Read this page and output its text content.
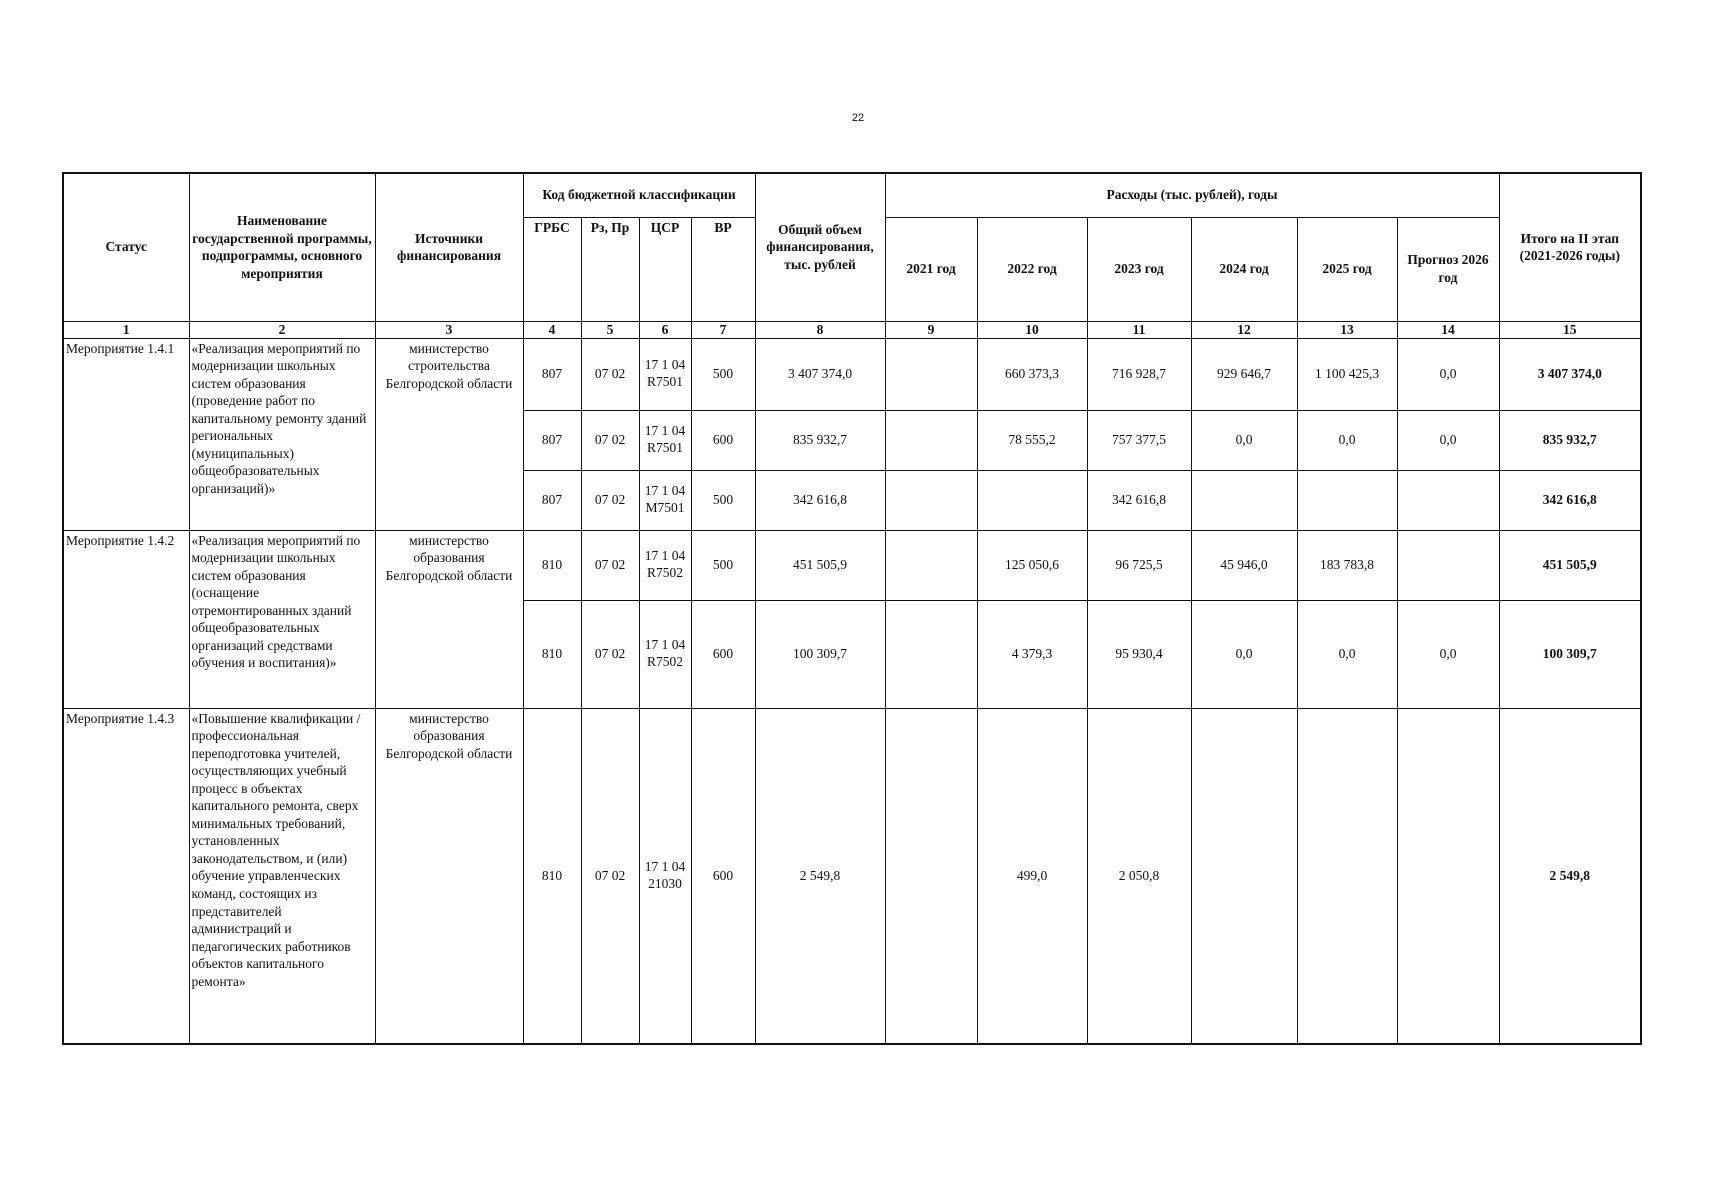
22
Статус	Наименование государственной программы, подпрограммы, основного мероприятия	Источники финансирования	Код бюджетной классификации				Общий объем финансирования, тыс. рублей	Расходы (тыс. рублей), годы						Итого на II этап (2021-2026 годы)
			ГРБС	Рз, Пр	ЦСР	ВР		2021 год	2022 год	2023 год	2024 год	2025 год	Прогноз 2026 год	
1	2	3	4	5	6	7	8	9	10	11	12	13	14	15
Мероприятие 1.4.1	«Реализация мероприятий по модернизации школьных систем образования (проведение работ по капитальному ремонту зданий региональных (муниципальных) общеобразовательных организаций)»	министерство строительства Белгородской области	807	07 02	17 1 04 R7501	500	3 407 374,0		660 373,3	716 928,7	929 646,7	1 100 425,3	0,0	3 407 374,0
			807	07 02	17 1 04 R7501	600	835 932,7		78 555,2	757 377,5	0,0	0,0	0,0	835 932,7
			807	07 02	17 1 04 M7501	500	342 616,8			342 616,8				342 616,8
Мероприятие 1.4.2	«Реализация мероприятий по модернизации школьных систем образования (оснащение отремонтированных зданий общеобразовательных организаций средствами обучения и воспитания)»	министерство образования Белгородской области	810	07 02	17 1 04 R7502	500	451 505,9		125 050,6	96 725,5	45 946,0	183 783,8		451 505,9
			810	07 02	17 1 04 R7502	600	100 309,7		4 379,3	95 930,4	0,0	0,0	0,0	100 309,7
Мероприятие 1.4.3	«Повышение квалификации / профессиональная переподготовка учителей, осуществляющих учебный процесс в объектах капитального ремонта, сверх минимальных требований, установленных законодательством, и (или) обучение управленческих команд, состоящих из представителей администраций и педагогических работников объектов капитального ремонта»	министерство образования Белгородской области	810	07 02	17 1 04 21030	600	2 549,8		499,0	2 050,8				2 549,8
